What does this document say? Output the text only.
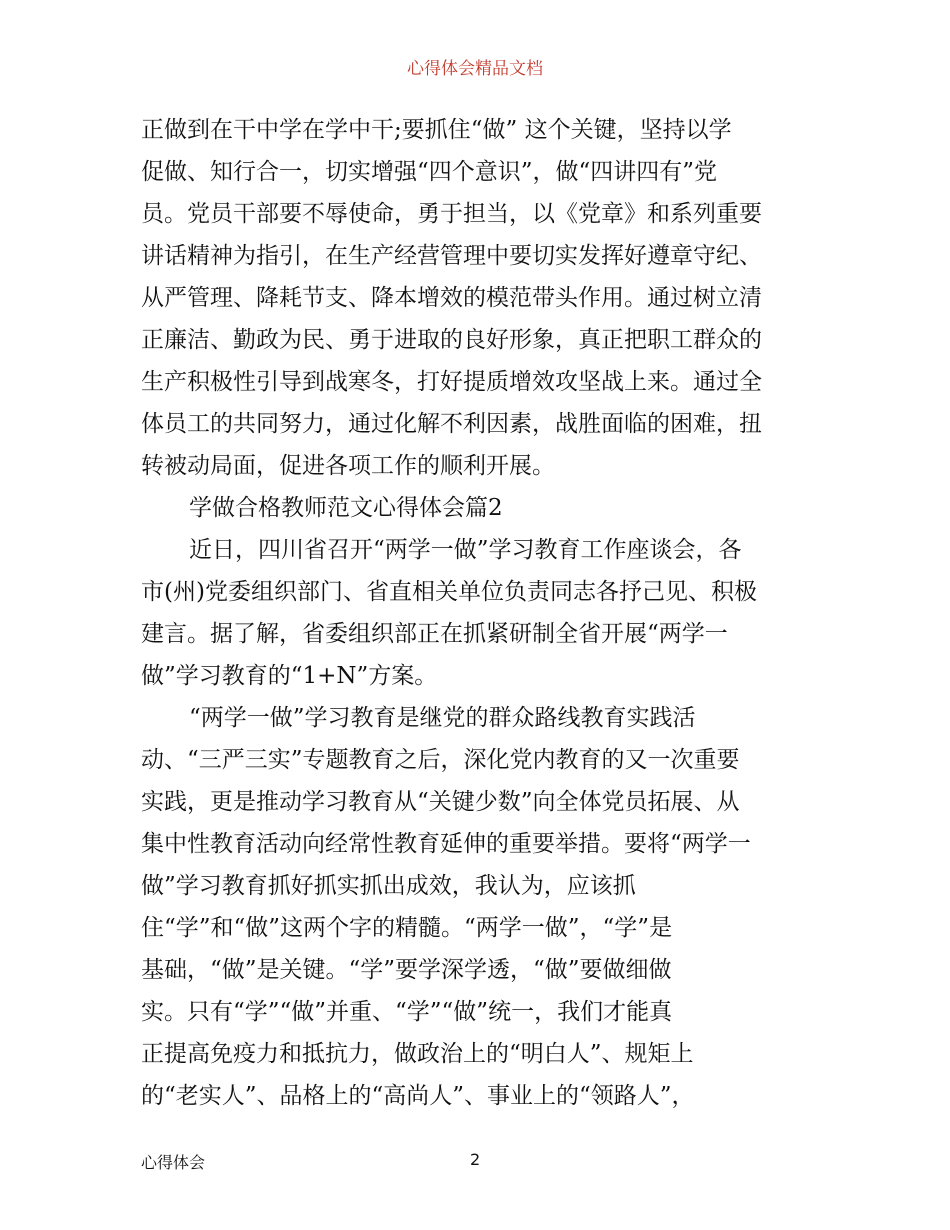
心得体会精品文档
正做到在干中学在学中干;要抓住“做” 这个关键，坚持以学
促做、知行合一，切实增强“四个意识”，做“四讲四有”党
员。党员干部要不辱使命，勇于担当，以《党章》和系列重要
讲话精神为指引，在生产经营管理中要切实发挥好遵章守纪、
从严管理、降耗节支、降本增效的模范带头作用。通过树立清
正廉洁、勤政为民、勇于进取的良好形象，真正把职工群众的
生产积极性引导到战寒冬，打好提质增效攻坚战上来。通过全
体员工的共同努力，通过化解不利因素，战胜面临的困难，扭
转被动局面，促进各项工作的顺利开展。
学做合格教师范文心得体会篇2
近日，四川省召开“两学一做”学习教育工作座谈会，各
市(州)党委组织部门、省直相关单位负责同志各抒己见、积极
建言。据了解，省委组织部正在抓紧研制全省开展“两学一
做”学习教育的“1+N”方案。
“两学一做”学习教育是继党的群众路线教育实践活
动、“三严三实”专题教育之后，深化党内教育的又一次重要
实践，更是推动学习教育从“关键少数”向全体党员拓展、从
集中性教育活动向经常性教育延伸的重要举措。要将“两学一
做”学习教育抓好抓实抓出成效，我认为，应该抓
住“学”和“做”这两个字的精髓。“两学一做”，“学”是
基础，“做”是关键。“学”要学深学透，“做”要做细做
实。只有“学”“做”并重、“学”“做”统一，我们才能真
正提高免疫力和抵抗力，做政治上的“明白人”、规矩上
的“老实人”、品格上的“高尚人”、事业上的“领路人”，
心得体会	2
